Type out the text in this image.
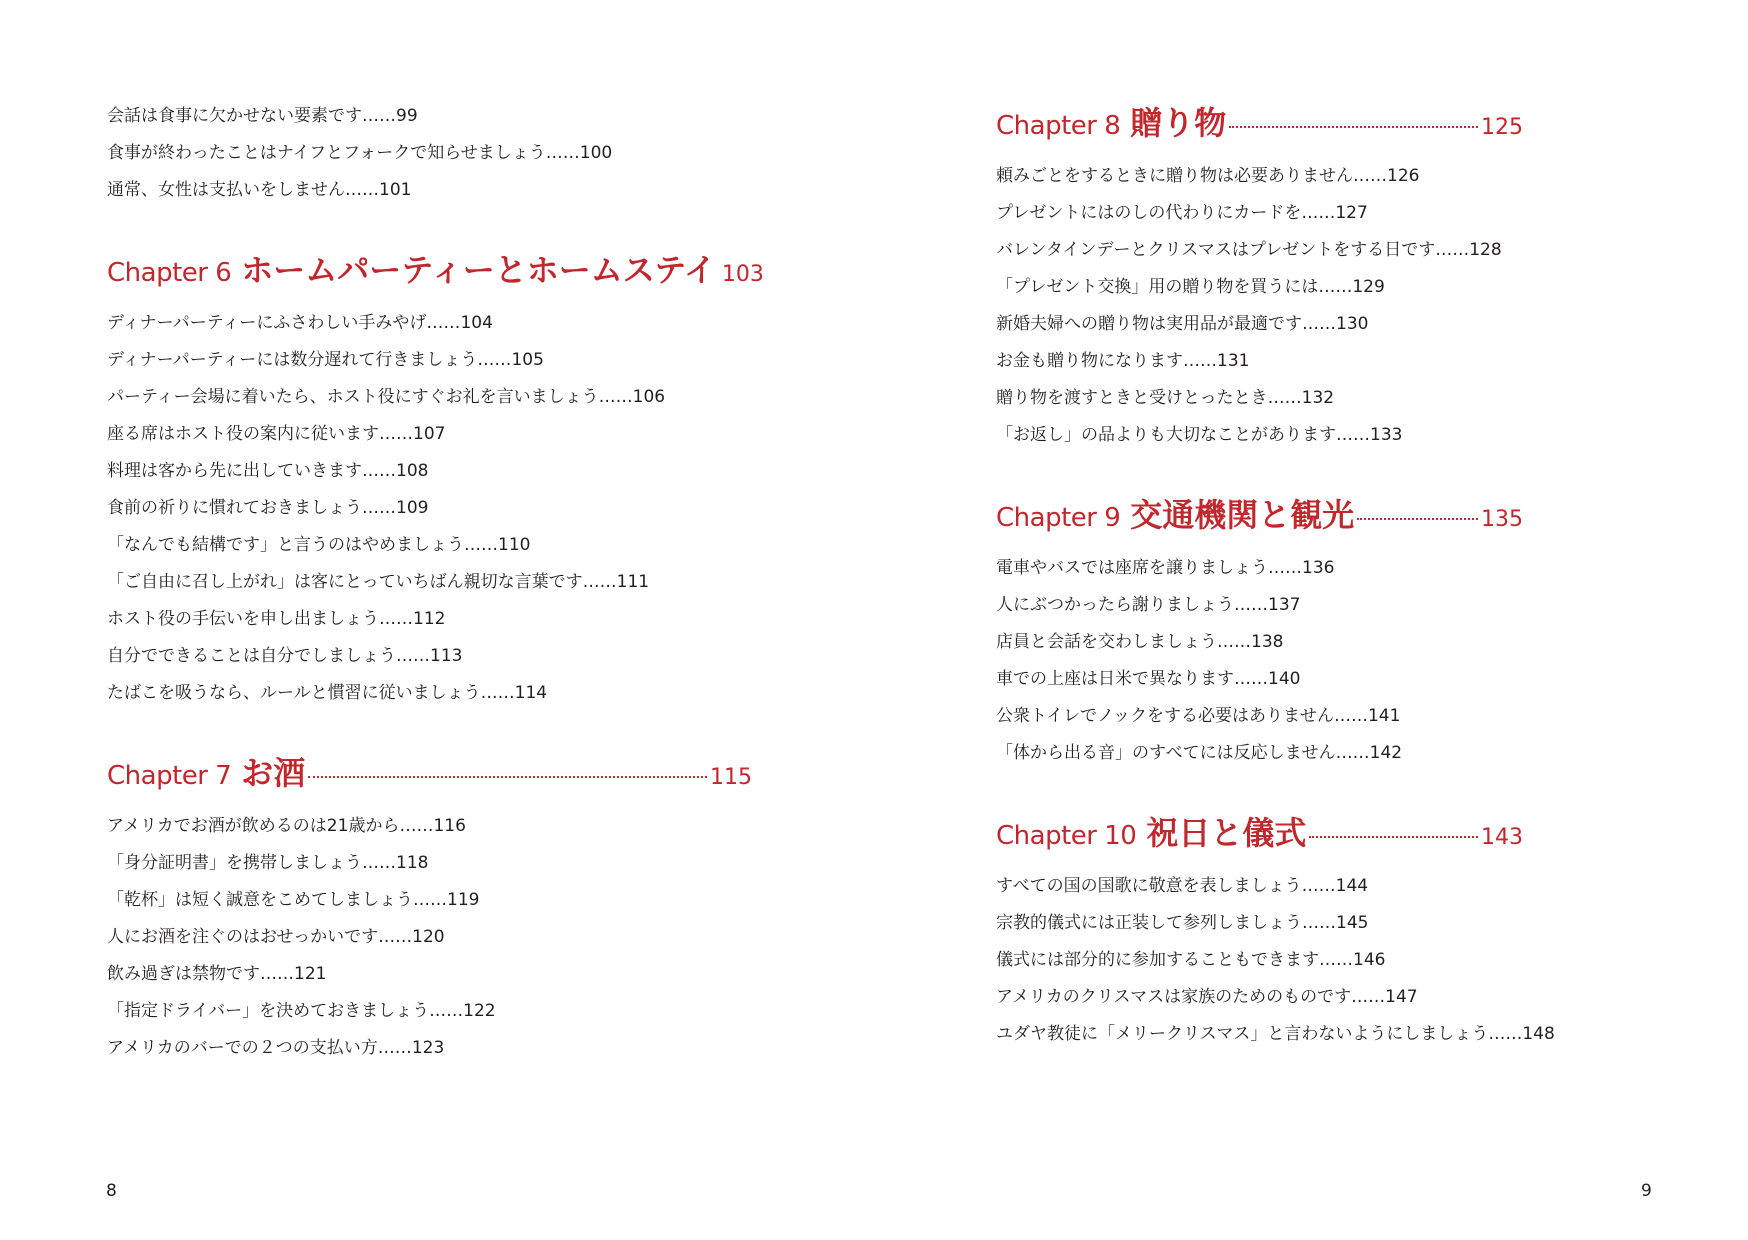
会話は食事に欠かせない要素です……99
食事が終わったことはナイフとフォークで知らせましょう……100
通常、女性は支払いをしません……101
Chapter 6 ホームパーティーとホームステイ 103
ディナーパーティーにふさわしい手みやげ……104
ディナーパーティーには数分遅れて行きましょう……105
パーティー会場に着いたら、ホスト役にすぐお礼を言いましょう……106
座る席はホスト役の案内に従います……107
料理は客から先に出していきます……108
食前の祈りに慣れておきましょう……109
「なんでも結構です」と言うのはやめましょう……110
「ご自由に召し上がれ」は客にとっていちばん親切な言葉です……111
ホスト役の手伝いを申し出ましょう……112
自分でできることは自分でしましょう……113
たばこを吸うなら、ルールと慣習に従いましょう……114
Chapter 7 お酒	115
アメリカでお酒が飲めるのは21歳から……116
「身分証明書」を携帯しましょう……118
「乾杯」は短く誠意をこめてしましょう……119
人にお酒を注ぐのはおせっかいです……120
飲み過ぎは禁物です……121
「指定ドライバー」を決めておきましょう……122
アメリカのバーでの２つの支払い方……123
8
Chapter 8 贈り物	125
頼みごとをするときに贈り物は必要ありません……126
プレゼントにはのしの代わりにカードを……127
バレンタインデーとクリスマスはプレゼントをする日です……128
「プレゼント交換」用の贈り物を買うには……129
新婚夫婦への贈り物は実用品が最適です……130
お金も贈り物になります……131
贈り物を渡すときと受けとったとき……132
「お返し」の品よりも大切なことがあります……133
Chapter 9 交通機関と観光	135
電車やバスでは座席を譲りましょう……136
人にぶつかったら謝りましょう……137
店員と会話を交わしましょう……138
車での上座は日米で異なります……140
公衆トイレでノックをする必要はありません……141
「体から出る音」のすべてには反応しません……142
Chapter 10 祝日と儀式	143
すべての国の国歌に敬意を表しましょう……144
宗教的儀式には正装して参列しましょう……145
儀式には部分的に参加することもできます……146
アメリカのクリスマスは家族のためのものです……147
ユダヤ教徒に「メリークリスマス」と言わないようにしましょう……148
9
